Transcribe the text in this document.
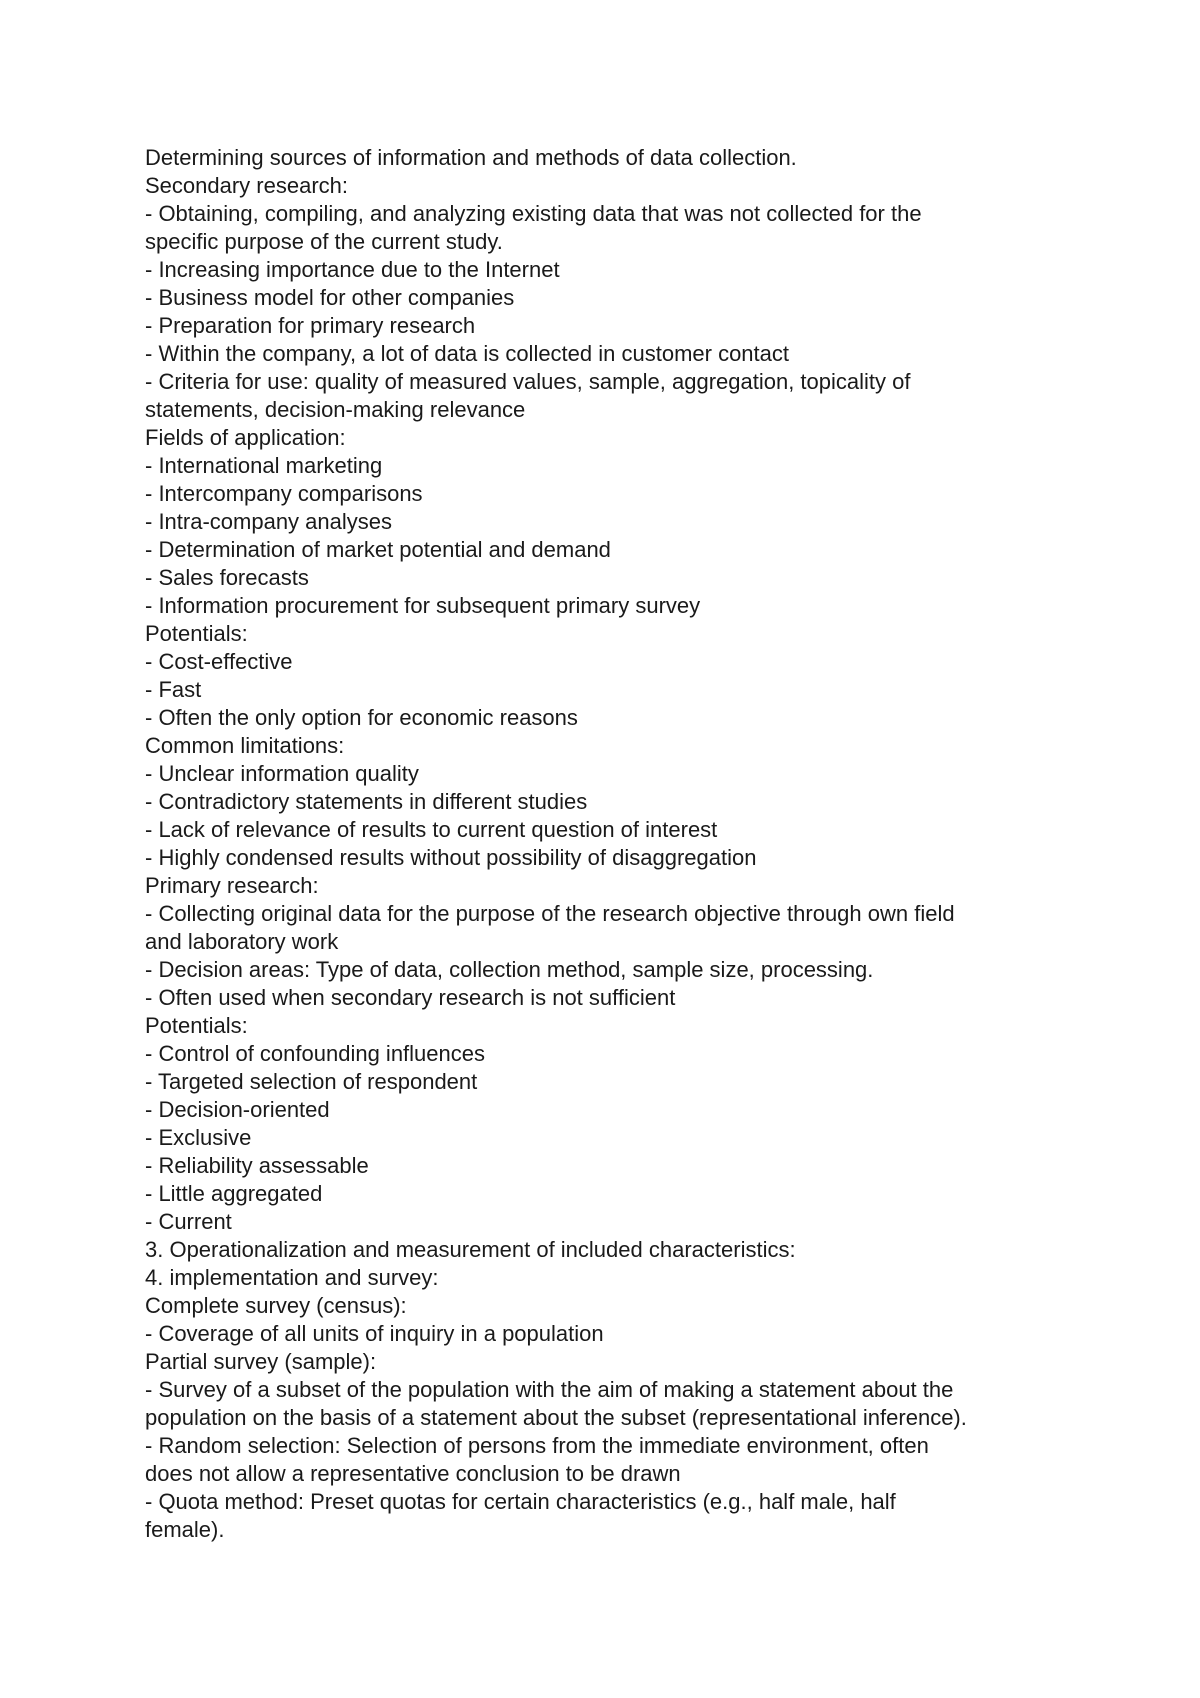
Determining sources of information and methods of data collection.
Secondary research:
- Obtaining, compiling, and analyzing existing data that was not collected for the
specific purpose of the current study.
- Increasing importance due to the Internet
- Business model for other companies
- Preparation for primary research
- Within the company, a lot of data is collected in customer contact
- Criteria for use: quality of measured values, sample, aggregation, topicality of
statements, decision-making relevance
Fields of application:
- International marketing
- Intercompany comparisons
- Intra-company analyses
- Determination of market potential and demand
- Sales forecasts
- Information procurement for subsequent primary survey
Potentials:
- Cost-effective
- Fast
- Often the only option for economic reasons
Common limitations:
- Unclear information quality
- Contradictory statements in different studies
- Lack of relevance of results to current question of interest
- Highly condensed results without possibility of disaggregation
Primary research:
- Collecting original data for the purpose of the research objective through own field
and laboratory work
- Decision areas: Type of data, collection method, sample size, processing.
- Often used when secondary research is not sufficient
Potentials:
- Control of confounding influences
- Targeted selection of respondent
- Decision-oriented
- Exclusive
- Reliability assessable
- Little aggregated
- Current
3. Operationalization and measurement of included characteristics:
4. implementation and survey:
Complete survey (census):
- Coverage of all units of inquiry in a population
Partial survey (sample):
- Survey of a subset of the population with the aim of making a statement about the
population on the basis of a statement about the subset (representational inference).
- Random selection: Selection of persons from the immediate environment, often
does not allow a representative conclusion to be drawn
- Quota method: Preset quotas for certain characteristics (e.g., half male, half
female).
